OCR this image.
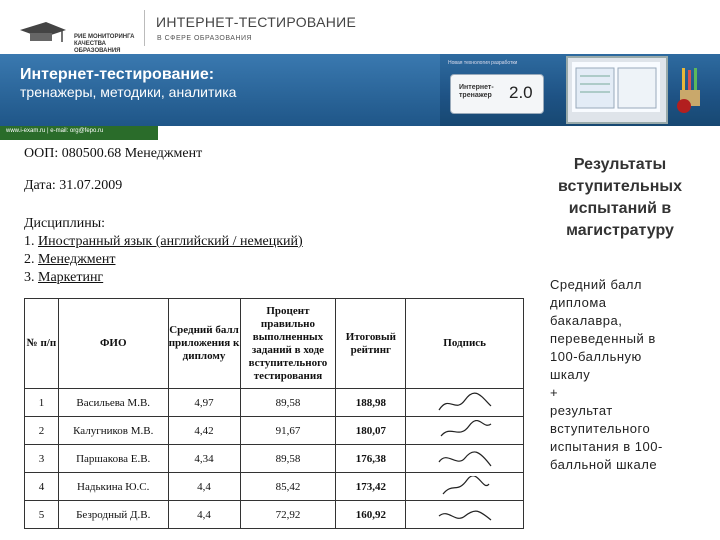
РИЕ МОНИТОРИНГА
КАЧЕСТВА ОБРАЗОВАНИЯ
ИНТЕРНЕТ-ТЕСТИРОВАНИЕ
В СФЕРЕ ОБРАЗОВАНИЯ
Интернет-тестирование:
тренажеры, методики, аналитика
Новая технология разработки
Интернет-тренажер	2.0
www.i-exam.ru | e-mail: org@fepo.ru
ООП: 080500.68 Менеджмент
Дата: 31.07.2009
Дисциплины:
1. Иностранный язык (английский / немецкий)
2. Менеджмент
3. Маркетинг
№ п/п	ФИО	Средний балл приложения к диплому	Процент правильно выполненных заданий в ходе вступительного тестирования	Итоговый рейтинг	Подпись
1	Васильева М.В.	4,97	89,58	188,98	

2	Калугников М.В.	4,42	91,67	180,07	

3	Паршакова Е.В.	4,34	89,58	176,38	

4	Надькина Ю.С.	4,4	85,42	173,42	

5	Безродный Д.В.	4,4	72,92	160,92	
Результаты вступительных испытаний в магистратуру
Средний балл
диплома
бакалавра,
переведенный в
100-балльную
шкалу
+
результат
вступительного
испытания в 100-
балльной шкале
